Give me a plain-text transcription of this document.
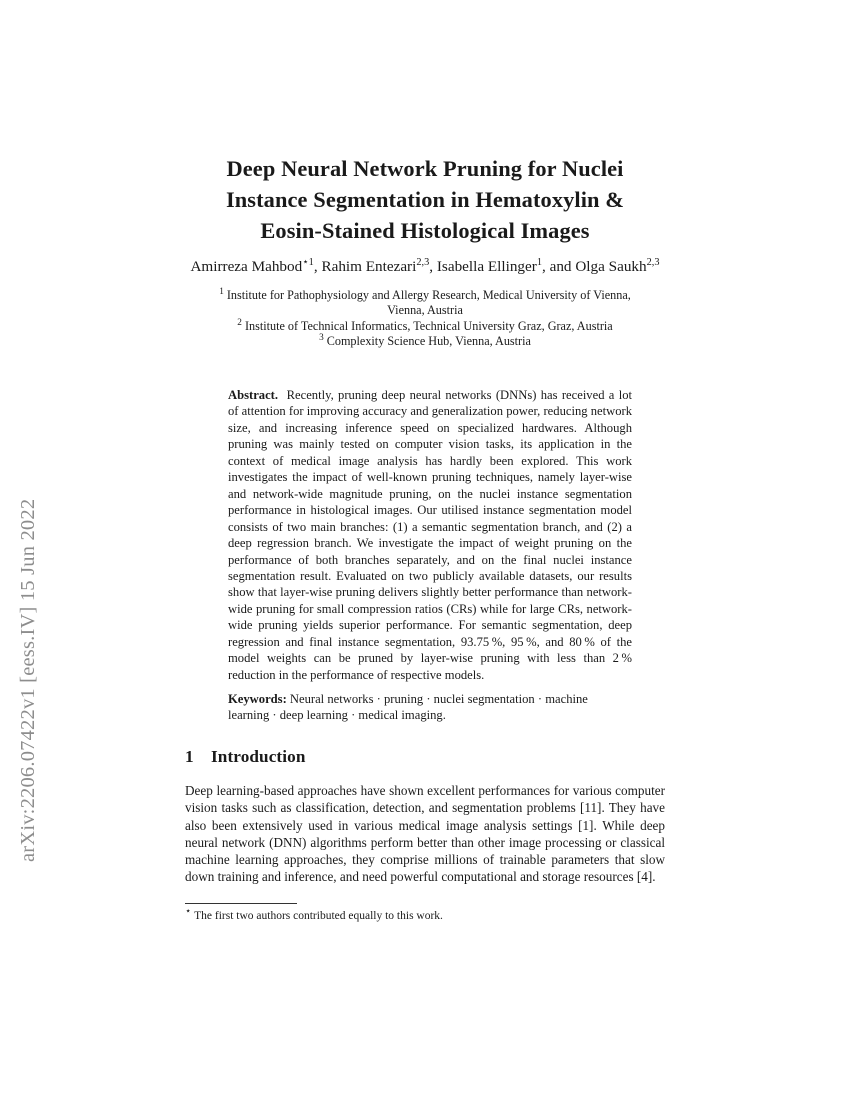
arXiv:2206.07422v1 [eess.IV] 15 Jun 2022
Deep Neural Network Pruning for Nuclei
Instance Segmentation in Hematoxylin &
Eosin-Stained Histological Images
Amirreza Mahbod$^{⋆1}$, Rahim Entezari$^{2,3}$, Isabella Ellinger$^1$, and Olga Saukh$^{2,3}$
$^1$ Institute for Pathophysiology and Allergy Research, Medical University of Vienna,
Vienna, Austria
$^2$ Institute of Technical Informatics, Technical University Graz, Graz, Austria
$^3$ Complexity Science Hub, Vienna, Austria
Abstract. Recently, pruning deep neural networks (DNNs) has received a lot of attention for improving accuracy and generalization power, reducing network size, and increasing inference speed on specialized hardwares. Although pruning was mainly tested on computer vision tasks, its application in the context of medical image analysis has hardly been explored. This work investigates the impact of well-known pruning techniques, namely layer-wise and network-wide magnitude pruning, on the nuclei instance segmentation performance in histological images. Our utilised instance segmentation model consists of two main branches: (1) a semantic segmentation branch, and (2) a deep regression branch. We investigate the impact of weight pruning on the performance of both branches separately, and on the final nuclei instance segmentation result. Evaluated on two publicly available datasets, our results show that layer-wise pruning delivers slightly better performance than network-wide pruning for small compression ratios (CRs) while for large CRs, network-wide pruning yields superior performance. For semantic segmentation, deep regression and final instance segmentation, 93.75 %, 95 %, and 80 % of the model weights can be pruned by layer-wise pruning with less than 2 % reduction in the performance of respective models.
Keywords: Neural networks · pruning · nuclei segmentation · machine learning · deep learning · medical imaging.
1 Introduction
Deep learning-based approaches have shown excellent performances for various computer vision tasks such as classification, detection, and segmentation problems [11]. They have also been extensively used in various medical image analysis settings [1]. While deep neural network (DNN) algorithms perform better than other image processing or classical machine learning approaches, they comprise millions of trainable parameters that slow down training and inference, and need powerful computational and storage resources [4].
⋆ The first two authors contributed equally to this work.
